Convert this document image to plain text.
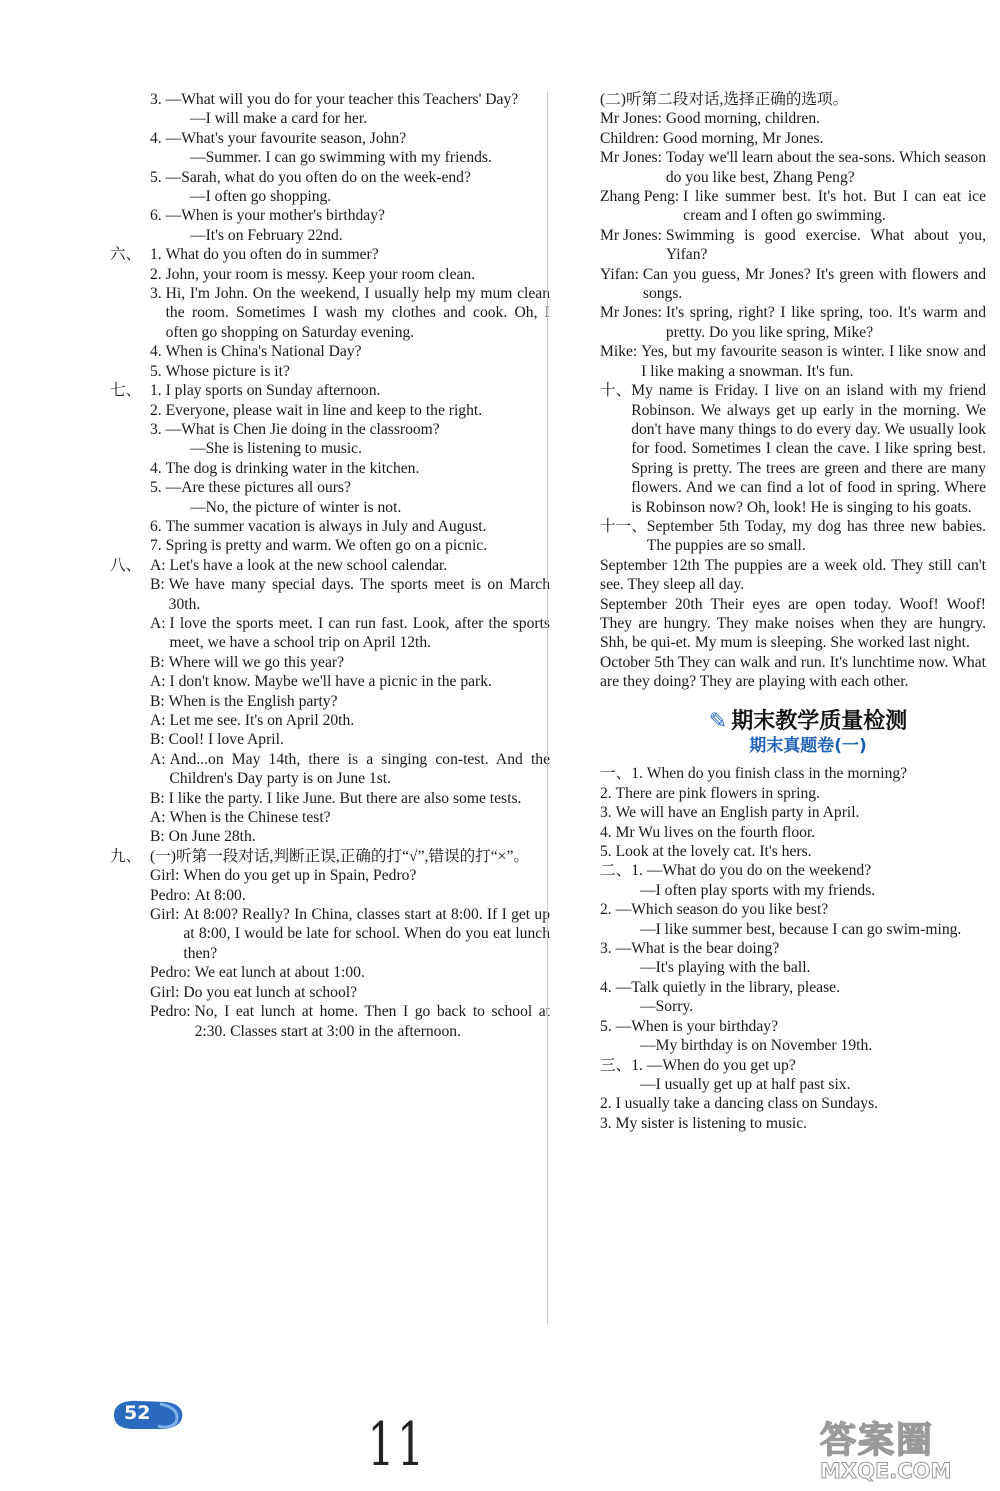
3. —What will you do for your teacher this Teachers' Day?
—I will make a card for her.
4. —What's your favourite season, John?
—Summer. I can go swimming with my friends.
5. —Sarah, what do you often do on the week-end?
—I often go shopping.
6. —When is your mother's birthday?
—It's on February 22nd.
六、 1. What do you often do in summer?
2. John, your room is messy. Keep your room clean.
3. Hi, I'm John. On the weekend, I usually help my mum clean the room. Sometimes I wash my clothes and cook. Oh, I often go shopping on Saturday evening.
4. When is China's National Day?
5. Whose picture is it?
七、 1. I play sports on Sunday afternoon.
2. Everyone, please wait in line and keep to the right.
3. —What is Chen Jie doing in the classroom?
—She is listening to music.
4. The dog is drinking water in the kitchen.
5. —Are these pictures all ours?
—No, the picture of winter is not.
6. The summer vacation is always in July and August.
7. Spring is pretty and warm. We often go on a picnic.
八、 A: Let's have a look at the new school calendar.
B: We have many special days. The sports meet is on March 30th.
A: I love the sports meet. I can run fast. Look, after the sports meet, we have a school trip on April 12th.
B: Where will we go this year?
A: I don't know. Maybe we'll have a picnic in the park.
B: When is the English party?
A: Let me see. It's on April 20th.
B: Cool! I love April.
A: And...on May 14th, there is a singing con-test. And the Children's Day party is on June 1st.
B: I like the party. I like June. But there are also some tests.
A: When is the Chinese test?
B: On June 28th.
九、 (一)听第一段对话,判断正误,正确的打“√”,错误的打“×”。
Girl: When do you get up in Spain, Pedro?
Pedro: At 8:00.
Girl: At 8:00? Really? In China, classes start at 8:00. If I get up at 8:00, I would be late for school. When do you eat lunch then?
Pedro: We eat lunch at about 1:00.
Girl: Do you eat lunch at school?
Pedro: No, I eat lunch at home. Then I go back to school at 2:30. Classes start at 3:00 in the afternoon.
(二)听第二段对话,选择正确的选项。
Mr Jones: Good morning, children.
Children: Good morning, Mr Jones.
Mr Jones: Today we'll learn about the sea-sons. Which season do you like best, Zhang Peng?
Zhang Peng: I like summer best. It's hot. But I can eat ice cream and I often go swimming.
Mr Jones: Swimming is good exercise. What about you, Yifan?
Yifan: Can you guess, Mr Jones? It's green with flowers and songs.
Mr Jones: It's spring, right? I like spring, too. It's warm and pretty. Do you like spring, Mike?
Mike: Yes, but my favourite season is winter. I like snow and I like making a snowman. It's fun.
十、 My name is Friday. I live on an island with my friend Robinson. We always get up early in the morning. We don't have many things to do every day. We usually look for food. Sometimes I clean the cave. I like spring best. Spring is pretty. The trees are green and there are many flowers. And we can find a lot of food in spring. Where is Robinson now? Oh, look! He is singing to his goats.
十一、 September 5th Today, my dog has three new babies. The puppies are so small.
September 12th The puppies are a week old. They still can't see. They sleep all day.
September 20th Their eyes are open today. Woof! Woof! They are hungry. They make noises when they are hungry. Shh, be qui-et. My mum is sleeping. She worked last night.
October 5th They can walk and run. It's lunchtime now. What are they doing? They are playing with each other.
✎ 期末教学质量检测
期末真题卷(一)
一、 1. When do you finish class in the morning?
2. There are pink flowers in spring.
3. We will have an English party in April.
4. Mr Wu lives on the fourth floor.
5. Look at the lovely cat. It's hers.
二、 1. —What do you do on the weekend?
—I often play sports with my friends.
2. —Which season do you like best?
—I like summer best, because I can go swim-ming.
3. —What is the bear doing?
—It's playing with the ball.
4. —Talk quietly in the library, please.
—Sorry.
5. —When is your birthday?
—My birthday is on November 19th.
三、 1. —When do you get up?
—I usually get up at half past six.
2. I usually take a dancing class on Sundays.
3. My sister is listening to music.
52	11	答案圈
MXQE.COM
